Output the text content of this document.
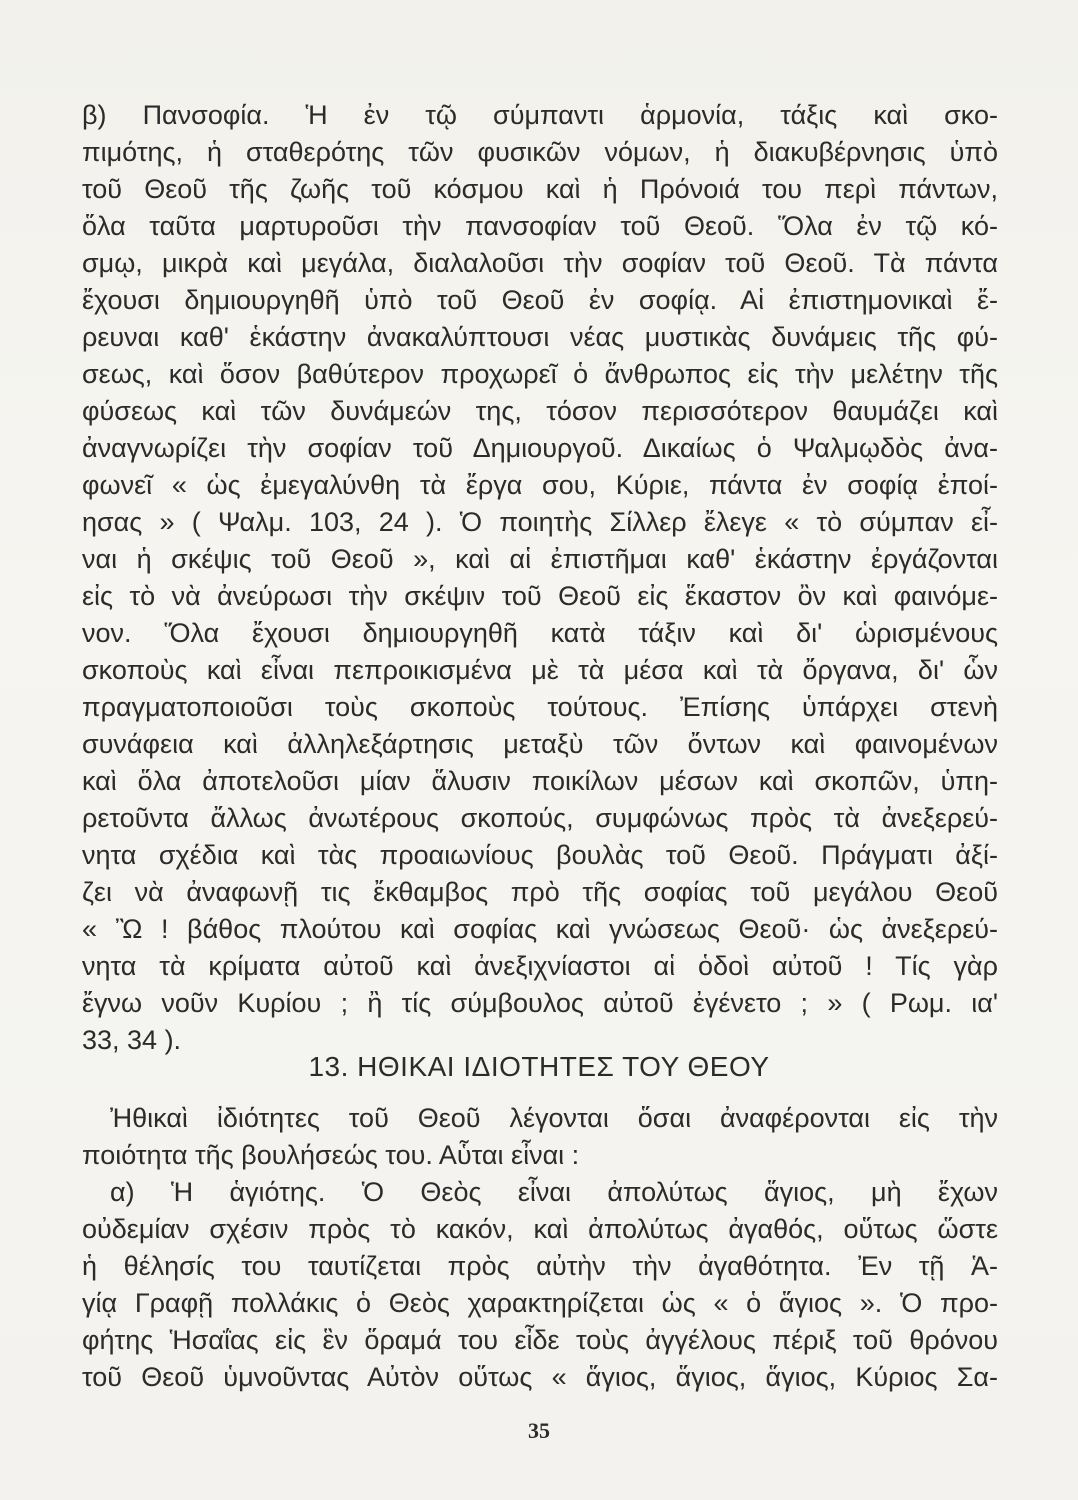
β) Πανσοφία. Ἡ ἐν τῷ σύμπαντι ἁρμονία, τάξις καὶ σκο-
πιμότης, ἡ σταθερότης τῶν φυσικῶν νόμων, ἡ διακυβέρνησις ὑπὸ
τοῦ Θεοῦ τῆς ζωῆς τοῦ κόσμου καὶ ἡ Πρόνοιά του περὶ πάντων,
ὅλα ταῦτα μαρτυροῦσι τὴν πανσοφίαν τοῦ Θεοῦ. Ὅλα ἐν τῷ κό-
σμῳ, μικρὰ καὶ μεγάλα, διαλαλοῦσι τὴν σοφίαν τοῦ Θεοῦ. Τὰ πάντα
ἔχουσι δημιουργηθῆ ὑπὸ τοῦ Θεοῦ ἐν σοφίᾳ. Αἱ ἐπιστημονικαὶ ἔ-
ρευναι καθ' ἑκάστην ἀνακαλύπτουσι νέας μυστικὰς δυνάμεις τῆς φύ-
σεως, καὶ ὅσον βαθύτερον προχωρεῖ ὁ ἄνθρωπος εἰς τὴν μελέτην τῆς
φύσεως καὶ τῶν δυνάμεών της, τόσον περισσότερον θαυμάζει καὶ
ἀναγνωρίζει τὴν σοφίαν τοῦ Δημιουργοῦ. Δικαίως ὁ Ψαλμῳδὸς ἀνα-
φωνεῖ « ὡς ἐμεγαλύνθη τὰ ἔργα σου, Κύριε, πάντα ἐν σοφίᾳ ἐποί-
ησας » ( Ψαλμ. 103, 24 ). Ὁ ποιητὴς Σίλλερ ἔλεγε « τὸ σύμπαν εἶ-
ναι ἡ σκέψις τοῦ Θεοῦ », καὶ αἱ ἐπιστῆμαι καθ' ἑκάστην ἐργάζονται
εἰς τὸ νὰ ἀνεύρωσι τὴν σκέψιν τοῦ Θεοῦ εἰς ἕκαστον ὂν καὶ φαινόμε-
νον. Ὅλα ἔχουσι δημιουργηθῆ κατὰ τάξιν καὶ δι' ὡρισμένους
σκοποὺς καὶ εἶναι πεπροικισμένα μὲ τὰ μέσα καὶ τὰ ὄργανα, δι' ὧν
πραγματοποιοῦσι τοὺς σκοποὺς τούτους. Ἐπίσης ὑπάρχει στενὴ
συνάφεια καὶ ἀλληλεξάρτησις μεταξὺ τῶν ὄντων καὶ φαινομένων
καὶ ὅλα ἀποτελοῦσι μίαν ἅλυσιν ποικίλων μέσων καὶ σκοπῶν, ὑπη-
ρετοῦντα ἄλλως ἀνωτέρους σκοπούς, συμφώνως πρὸς τὰ ἀνεξερεύ-
νητα σχέδια καὶ τὰς προαιωνίους βουλὰς τοῦ Θεοῦ. Πράγματι ἀξί-
ζει νὰ ἀναφωνῇ τις ἔκθαμβος πρὸ τῆς σοφίας τοῦ μεγάλου Θεοῦ
« Ὢ ! βάθος πλούτου καὶ σοφίας καὶ γνώσεως Θεοῦ· ὡς ἀνεξερεύ-
νητα τὰ κρίματα αὐτοῦ καὶ ἀνεξιχνίαστοι αἱ ὁδοὶ αὐτοῦ ! Τίς γὰρ
ἔγνω νοῦν Κυρίου ; ἢ τίς σύμβουλος αὐτοῦ ἐγένετο ; » ( Ρωμ. ια'
33, 34 ).
13. ΗΘΙΚΑΙ ΙΔΙΟΤΗΤΕΣ ΤΟΥ ΘΕΟΥ
Ἠθικαὶ ἰδιότητες τοῦ Θεοῦ λέγονται ὅσαι ἀναφέρονται εἰς τὴν
ποιότητα τῆς βουλήσεώς του. Αὗται εἶναι :
α) Ἡ ἁγιότης. Ὁ Θεὸς εἶναι ἀπολύτως ἅγιος, μὴ ἔχων
οὐδεμίαν σχέσιν πρὸς τὸ κακόν, καὶ ἀπολύτως ἀγαθός, οὕτως ὥστε
ἡ θέλησίς του ταυτίζεται πρὸς αὐτὴν τὴν ἀγαθότητα. Ἐν τῇ Ἁ-
γίᾳ Γραφῇ πολλάκις ὁ Θεὸς χαρακτηρίζεται ὡς « ὁ ἅγιος ». Ὁ προ-
φήτης Ἡσαΐας εἰς ἓν ὅραμά του εἶδε τοὺς ἀγγέλους πέριξ τοῦ θρόνου
τοῦ Θεοῦ ὑμνοῦντας Αὐτὸν οὕτως « ἅγιος, ἅγιος, ἅγιος, Κύριος Σα-
35
